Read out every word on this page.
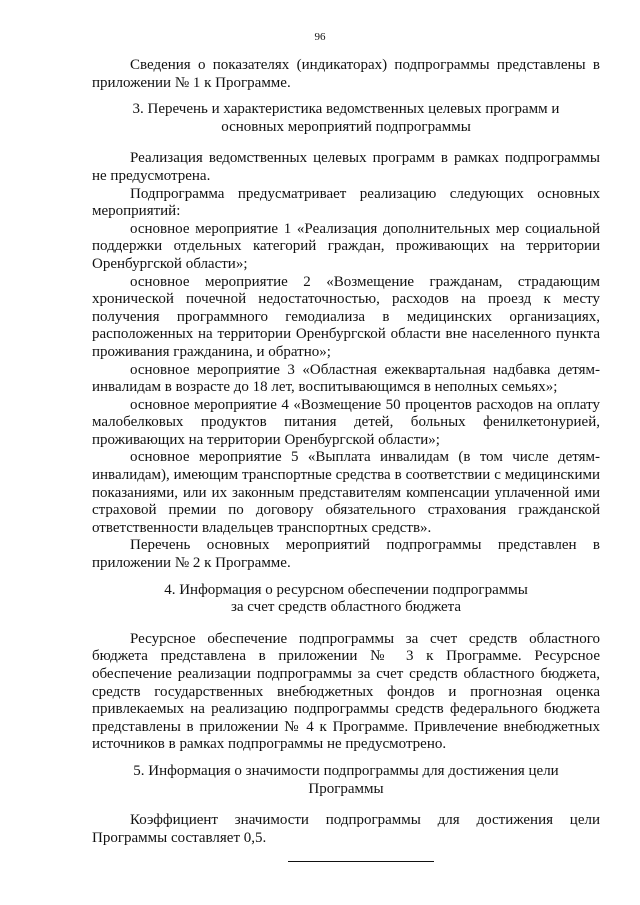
96

Сведения о показателях (индикаторах) подпрограммы представлены в приложении № 1 к Программе.

3. Перечень и характеристика ведомственных целевых программ и

основных мероприятий подпрограммы

Реализация ведомственных целевых программ в рамках подпрограммы не предусмотрена.

Подпрограмма предусматривает реализацию следующих основных мероприятий:

основное мероприятие 1 «Реализация дополнительных мер социальной поддержки отдельных категорий граждан, проживающих на территории Оренбургской области»;

основное мероприятие 2 «Возмещение гражданам, страдающим хронической почечной недостаточностью, расходов на проезд к месту получения программного гемодиализа в медицинских организациях, расположенных на территории Оренбургской области вне населенного пункта проживания гражданина, и обратно»;

основное мероприятие 3 «Областная ежеквартальная надбавка детям-инвалидам в возрасте до 18 лет, воспитывающимся в неполных семьях»;

основное мероприятие 4 «Возмещение 50 процентов расходов на оплату малобелковых продуктов питания детей, больных фенилкетонурией, проживающих на территории Оренбургской области»;

основное мероприятие 5 «Выплата инвалидам (в том числе детям-инвалидам), имеющим транспортные средства в соответствии с медицинскими показаниями, или их законным представителям компенсации уплаченной ими страховой премии по договору обязательного страхования гражданской ответственности владельцев транспортных средств».

Перечень основных мероприятий подпрограммы представлен в приложении № 2 к Программе.

4. Информация о ресурсном обеспечении подпрограммы

за счет средств областного бюджета

Ресурсное обеспечение подпрограммы за счет средств областного бюджета представлена в приложении № 3 к Программе. Ресурсное обеспечение реализации подпрограммы за счет средств областного бюджета, средств государственных внебюджетных фондов и прогнозная оценка привлекаемых на реализацию подпрограммы средств федерального бюджета представлены в приложении № 4 к Программе. Привлечение внебюджетных источников в рамках подпрограммы не предусмотрено.

5. Информация о значимости подпрограммы для достижения цели

Программы

Коэффициент значимости подпрограммы для достижения цели Программы составляет 0,5.
